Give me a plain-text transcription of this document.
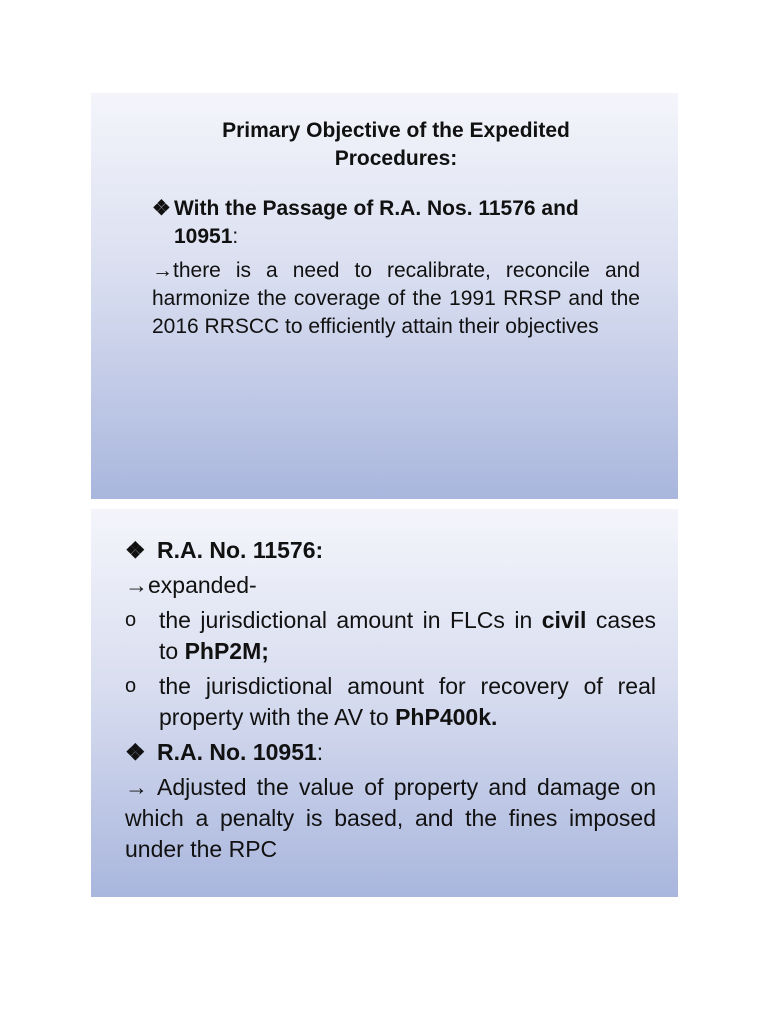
Primary Objective of the Expedited Procedures:
❖ With the Passage of R.A. Nos. 11576 and 10951:
→there is a need to recalibrate, reconcile and harmonize the coverage of the 1991 RRSP and the 2016 RRSCC to efficiently attain their objectives
❖ R.A. No. 11576:
→expanded-
o the jurisdictional amount in FLCs in civil cases to PhP2M;
o the jurisdictional amount for recovery of real property with the AV to PhP400k.
❖ R.A. No. 10951:
→ Adjusted the value of property and damage on which a penalty is based, and the fines imposed under the RPC
